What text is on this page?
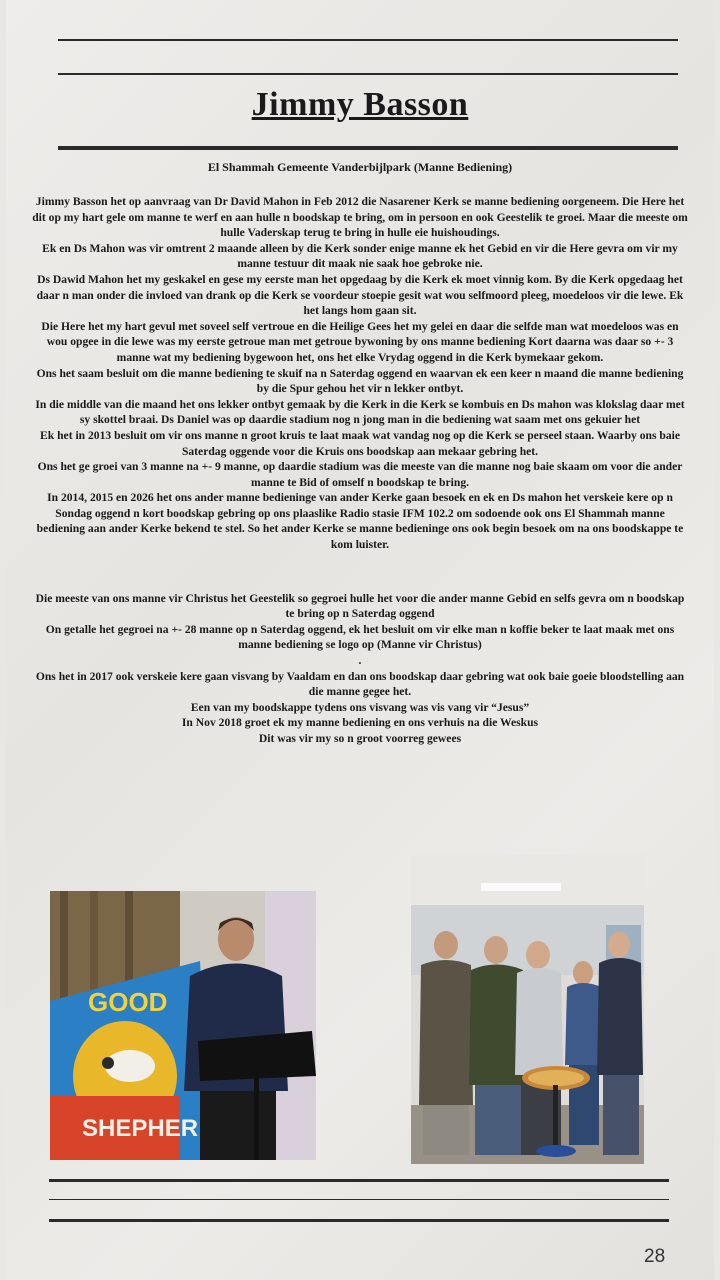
Jimmy Basson
El Shammah Gemeente Vanderbijlpark (Manne Bediening)

Jimmy Basson het op aanvraag van Dr David Mahon in Feb 2012 die Nasarener Kerk se manne bediening oorgeneem. Die Here het dit op my hart gele om manne te werf en aan hulle n boodskap te bring, om in persoon en ook Geestelik te groei. Maar die meeste om hulle Vaderskap terug te bring in hulle eie huishoudings.

Ek en Ds Mahon was vir omtrent 2 maande alleen by die Kerk sonder enige manne ek het Gebid en vir die Here gevra om vir my manne testuur dit maak nie saak hoe gebroke nie.

Ds Dawid Mahon het my geskakel en gese my eerste man het opgedaag by die Kerk ek moet vinnig kom. By die Kerk opgedaag het daar n man onder die invloed van drank op die Kerk se voordeur stoepie gesit wat wou selfmoord pleeg, moedeloos vir die lewe. Ek het langs hom gaan sit.

Die Here het my hart gevul met soveel self vertroue en die Heilige Gees het my gelei en daar die selfde man wat moedeloos was en wou opgee in die lewe was my eerste getroue man met getroue bywoning by ons manne bediening Kort daarna was daar so +- 3 manne wat my bediening bygewoon het, ons het elke Vrydag oggend in die Kerk bymekaar gekom.

Ons het saam besluit om die manne bediening te skuif na n Saterdag oggend en waarvan ek een keer n maand die manne bediening by die Spur gehou het vir n lekker ontbyt.

In die middle van die maand het ons lekker ontbyt gemaak by die Kerk in die Kerk se kombuis en Ds mahon was klokslag daar met sy skottel braai. Ds Daniel was op daardie stadium nog n jong man in die bediening wat saam met ons gekuier het

Ek het in 2013 besluit om vir ons manne n groot kruis te laat maak wat vandag nog op die Kerk se perseel staan. Waarby ons baie Saterdag oggende voor die Kruis ons boodskap aan mekaar gebring het.

Ons het ge groei van 3 manne na +- 9 manne, op daardie stadium was die meeste van die manne nog baie skaam om voor die ander manne te Bid of omself n boodskap te bring.

In 2014, 2015 en 2026 het ons ander manne bedieninge van ander Kerke gaan besoek en ek en Ds mahon het verskeie kere op n Sondag oggend n kort boodskap gebring op ons plaaslike Radio stasie IFM 102.2 om sodoende ook ons El Shammah manne bediening aan ander Kerke bekend te stel. So het ander Kerke se manne bedieninge ons ook begin besoek om na ons boodskappe te kom luister.

Die meeste van ons manne vir Christus het Geestelik so gegroei hulle het voor die ander manne Gebid en selfs gevra om n boodskap te bring op n Saterdag oggend

On getalle het gegroei na +- 28 manne op n Saterdag oggend, ek het besluit om vir elke man n koffie beker te laat maak met ons manne bediening se logo op (Manne vir Christus)

.

Ons het in 2017 ook verskeie kere gaan visvang by Vaaldam en dan ons boodskap daar gebring wat ook baie goeie bloodstelling aan die manne gegee het.

Een van my boodskappe tydens ons visvang was vis vang vir “Jesus”

In Nov 2018 groet ek my manne bediening en ons verhuis na die Weskus

Dit was vir my so n groot voorreg gewees

GOOD
SHEPHER
28
